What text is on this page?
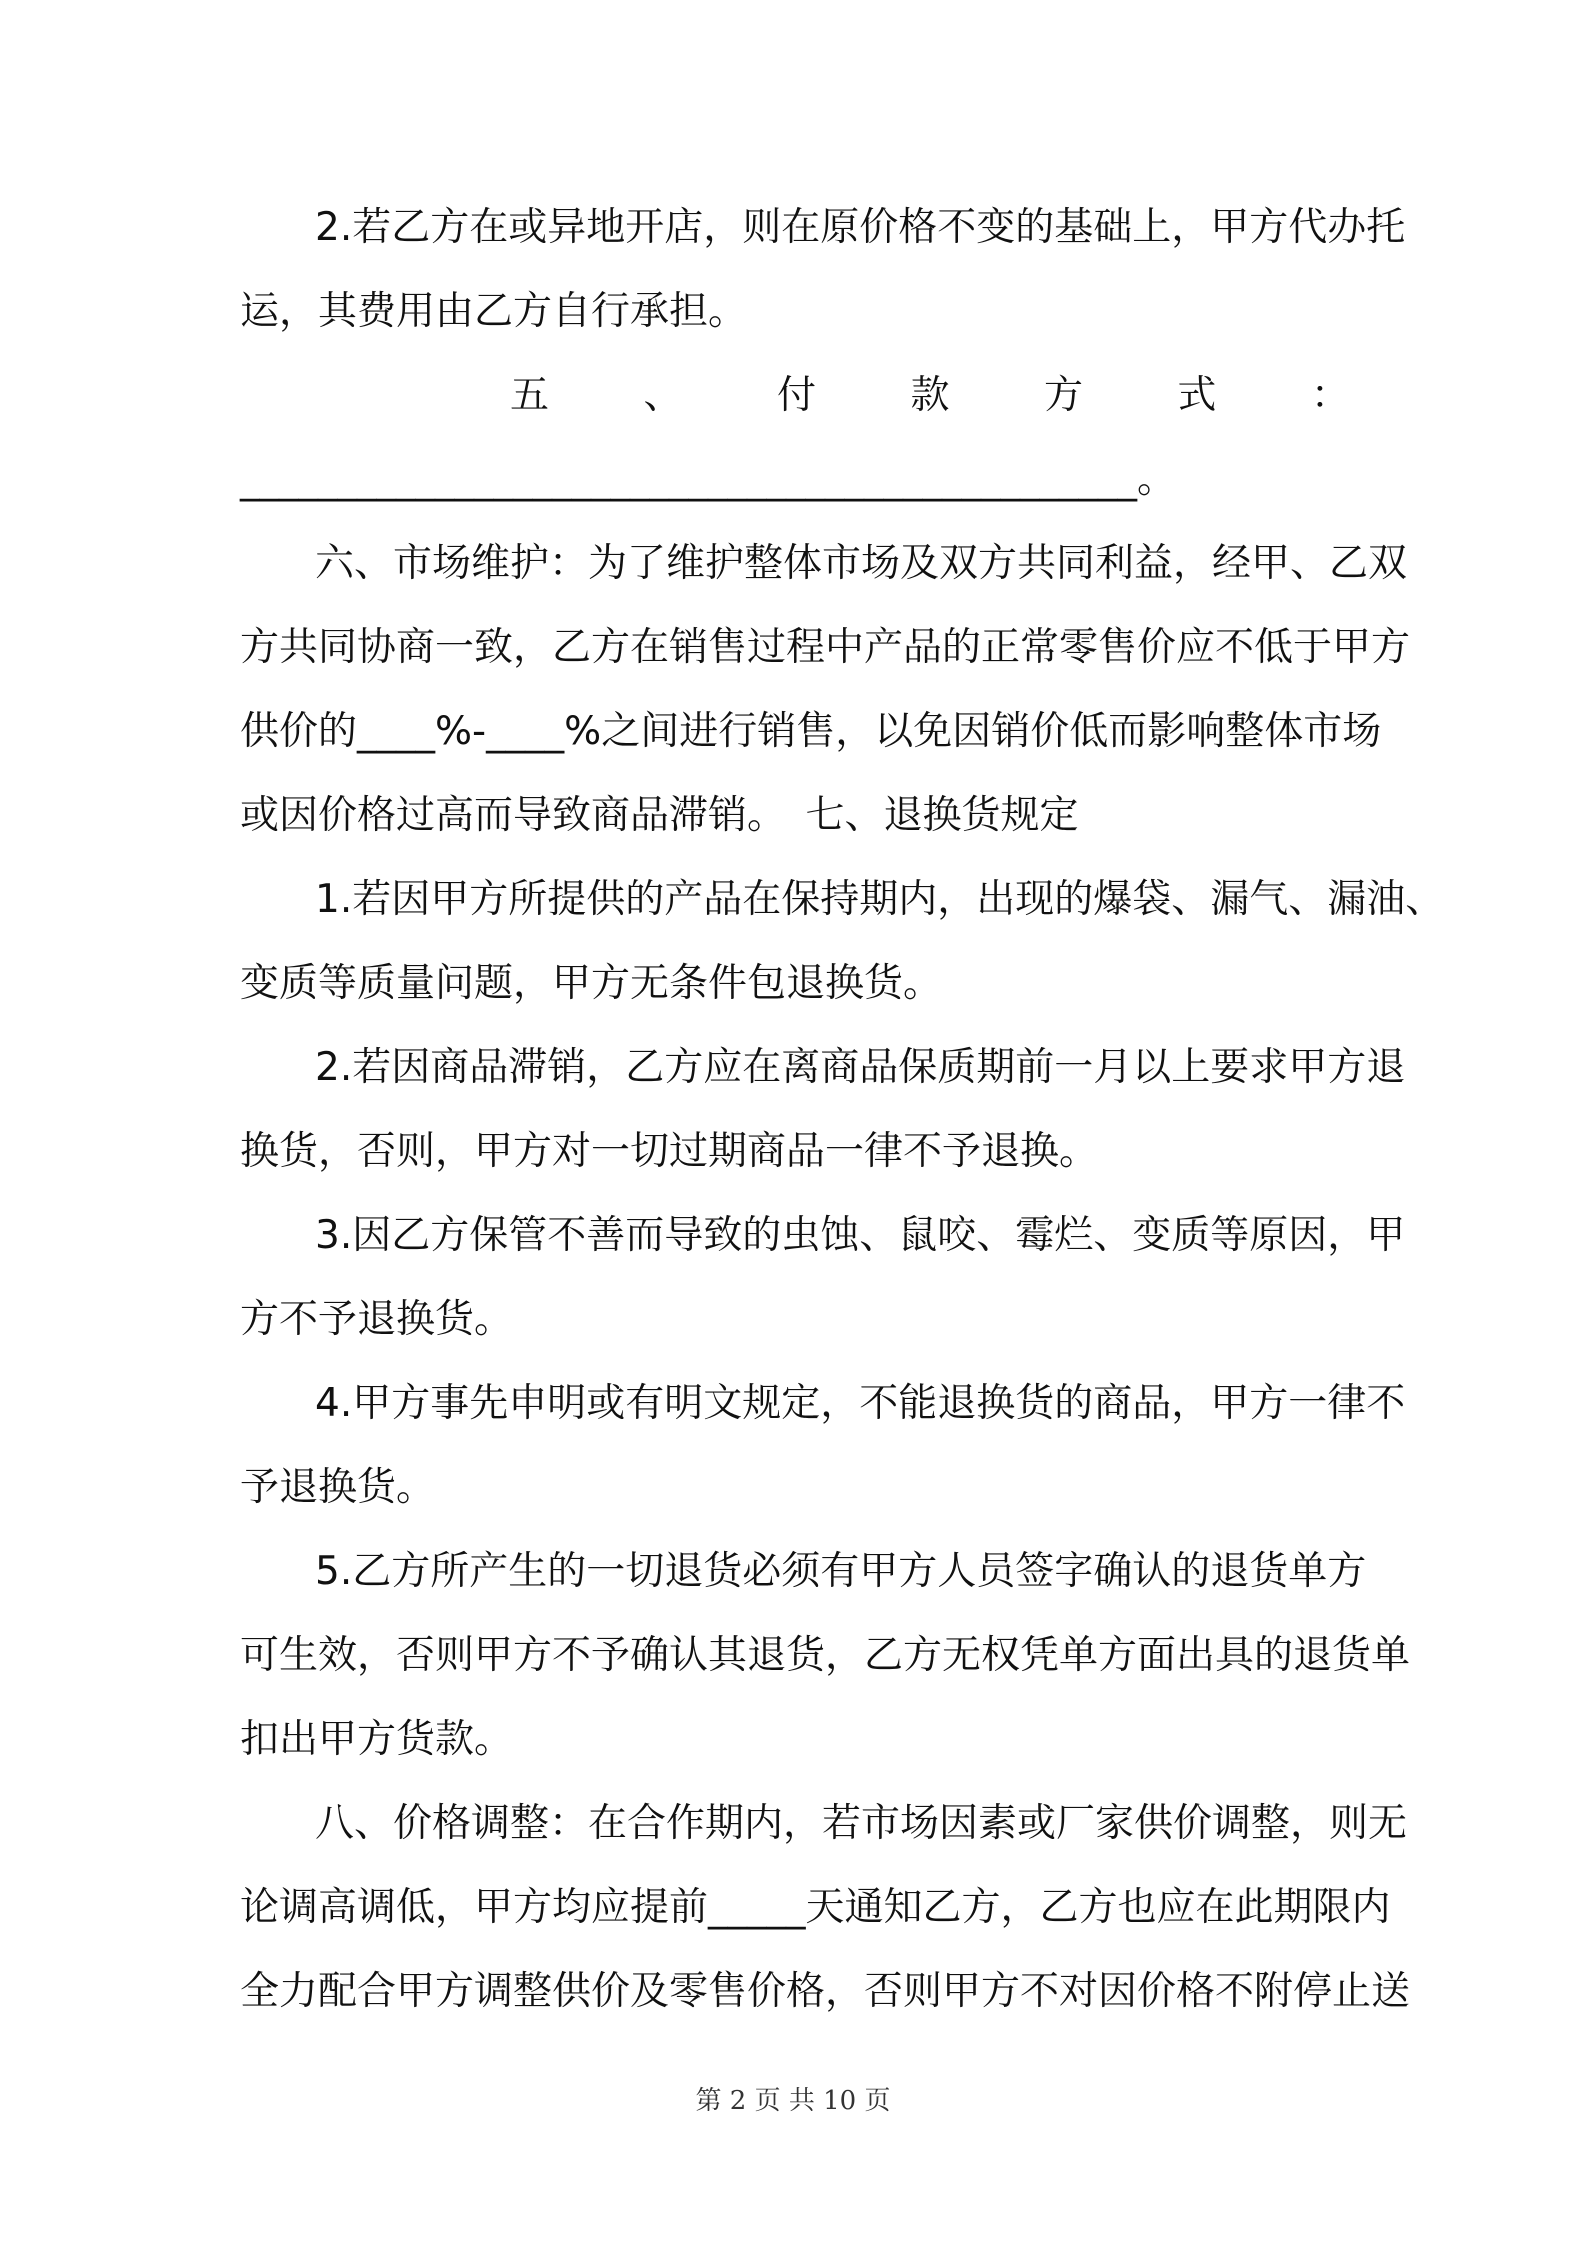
2.若乙方在或异地开店，则在原价格不变的基础上，甲方代办托
运，其费用由乙方自行承担。
五 、 付 款 方 式 ：
______________________________________________。
六、市场维护：为了维护整体市场及双方共同利益，经甲、乙双
方共同协商一致，乙方在销售过程中产品的正常零售价应不低于甲方
供价的____%-____%之间进行销售，以免因销价低而影响整体市场
或因价格过高而导致商品滞销。　七、退换货规定
1.若因甲方所提供的产品在保持期内，出现的爆袋、漏气、漏油、
变质等质量问题，甲方无条件包退换货。
2.若因商品滞销，乙方应在离商品保质期前一月以上要求甲方退
换货，否则，甲方对一切过期商品一律不予退换。
3.因乙方保管不善而导致的虫蚀、鼠咬、霉烂、变质等原因，甲
方不予退换货。
4.甲方事先申明或有明文规定，不能退换货的商品，甲方一律不
予退换货。
5.乙方所产生的一切退货必须有甲方人员签字确认的退货单方
可生效，否则甲方不予确认其退货，乙方无权凭单方面出具的退货单
扣出甲方货款。
八、价格调整：在合作期内，若市场因素或厂家供价调整，则无
论调高调低，甲方均应提前_____天通知乙方，乙方也应在此期限内
全力配合甲方调整供价及零售价格，否则甲方不对因价格不附停止送
第 2 页 共 10 页
